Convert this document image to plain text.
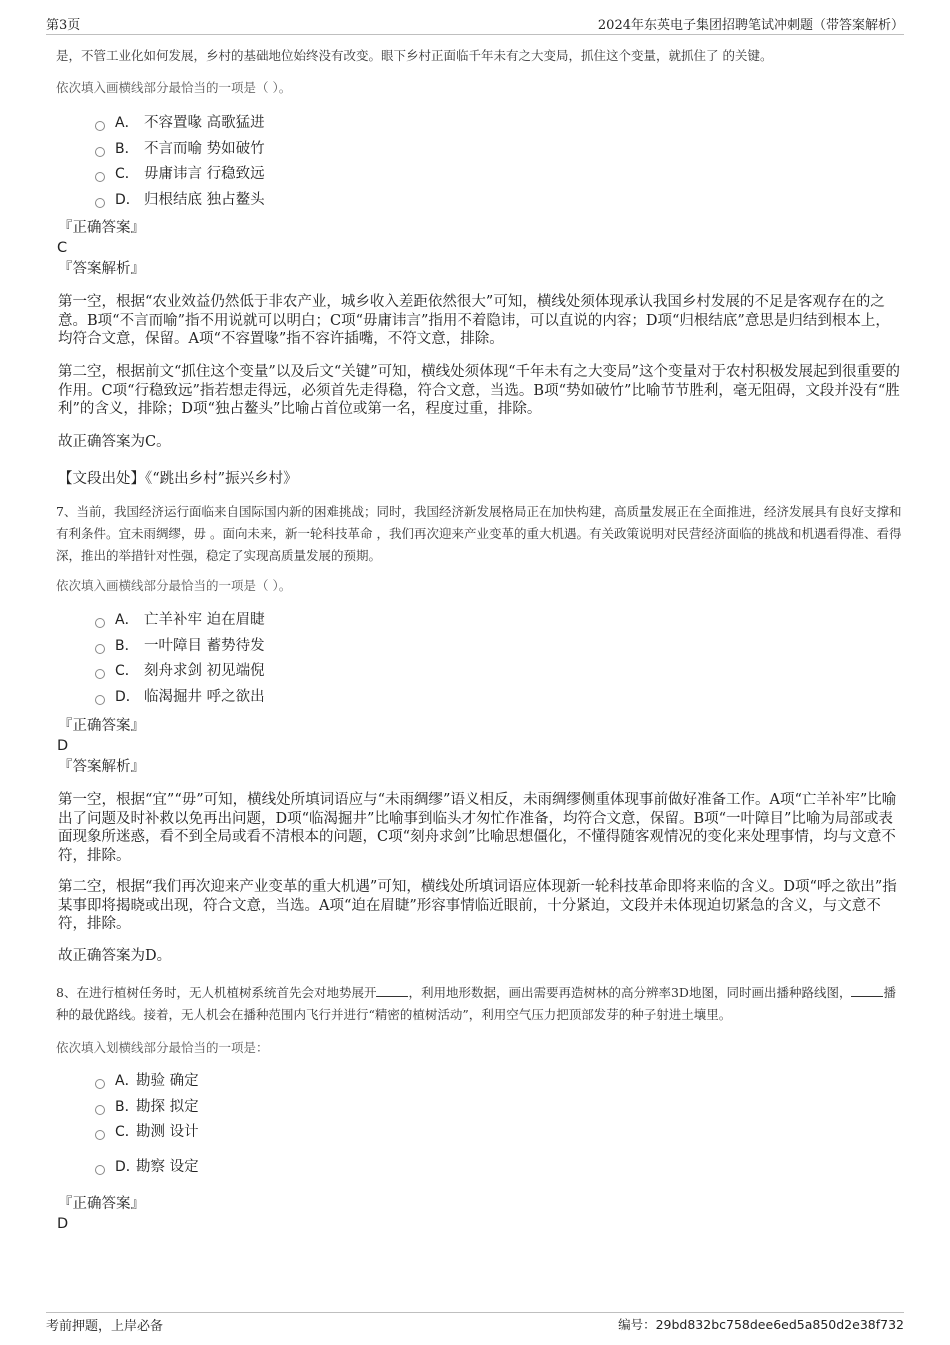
第3页	2024年东英电子集团招聘笔试冲刺题（带答案解析）

是，不管工业化如何发展，乡村的基础地位始终没有改变。眼下乡村正面临千年未有之大变局，抓住这个变量，就抓住了 的关键。

依次填入画横线部分最恰当的一项是（ ）。

A． 不容置喙 高歌猛进
B． 不言而喻 势如破竹
C． 毋庸讳言 行稳致远
D． 归根结底 独占鳌头

『正确答案』

C

『答案解析』

第一空，根据“农业效益仍然低于非农产业，城乡收入差距依然很大”可知，横线处须体现承认我国乡村发展的不足是客观存在的之意。B项“不言而喻”指不用说就可以明白；C项“毋庸讳言”指用不着隐讳，可以直说的内容；D项“归根结底”意思是归结到根本上，均符合文意，保留。A项“不容置喙”指不容许插嘴，不符文意，排除。

第二空，根据前文“抓住这个变量”以及后文“关键”可知，横线处须体现“千年未有之大变局”这个变量对于农村积极发展起到很重要的作用。C项“行稳致远”指若想走得远，必须首先走得稳，符合文意，当选。B项“势如破竹”比喻节节胜利，毫无阻碍，文段并没有“胜利”的含义，排除；D项“独占鳌头”比喻占首位或第一名，程度过重，排除。

故正确答案为C。

【文段出处】《“跳出乡村”振兴乡村》

7、当前，我国经济运行面临来自国际国内新的困难挑战；同时，我国经济新发展格局正在加快构建，高质量发展正在全面推进，经济发展具有良好支撑和有利条件。宜未雨绸缪，毋 。面向未来，新一轮科技革命 ，我们再次迎来产业变革的重大机遇。有关政策说明对民营经济面临的挑战和机遇看得准、看得深，推出的举措针对性强，稳定了实现高质量发展的预期。

依次填入画横线部分最恰当的一项是（ ）。

A． 亡羊补牢 迫在眉睫
B． 一叶障目 蓄势待发
C． 刻舟求剑 初见端倪
D． 临渴掘井 呼之欲出

『正确答案』

D

『答案解析』

第一空，根据“宜”“毋”可知，横线处所填词语应与“未雨绸缪”语义相反，未雨绸缪侧重体现事前做好准备工作。A项“亡羊补牢”比喻出了问题及时补救以免再出问题，D项“临渴掘井”比喻事到临头才匆忙作准备，均符合文意，保留。B项“一叶障目”比喻为局部或表面现象所迷惑，看不到全局或看不清根本的问题，C项“刻舟求剑”比喻思想僵化，不懂得随客观情况的变化来处理事情，均与文意不符，排除。

第二空，根据“我们再次迎来产业变革的重大机遇”可知，横线处所填词语应体现新一轮科技革命即将来临的含义。D项“呼之欲出”指某事即将揭晓或出现，符合文意，当选。A项“迫在眉睫”形容事情临近眼前，十分紧迫，文段并未体现迫切紧急的含义，与文意不符，排除。

故正确答案为D。

8、在进行植树任务时，无人机植树系统首先会对地势展开	，利用地形数据，画出需要再造树林的高分辨率3D地图，同时画出播种路线图，	播种的最优路线。接着，无人机会在播种范围内飞行并进行“精密的植树活动”，利用空气压力把顶部发芽的种子射进土壤里。

依次填入划横线部分最恰当的一项是：

A．
勘验 确定
B．
勘探 拟定
C．
勘测 设计
D．
勘察 设定

『正确答案』

D

考前押题，上岸必备	编号：29bd832bc758dee6ed5a850d2e38f732
